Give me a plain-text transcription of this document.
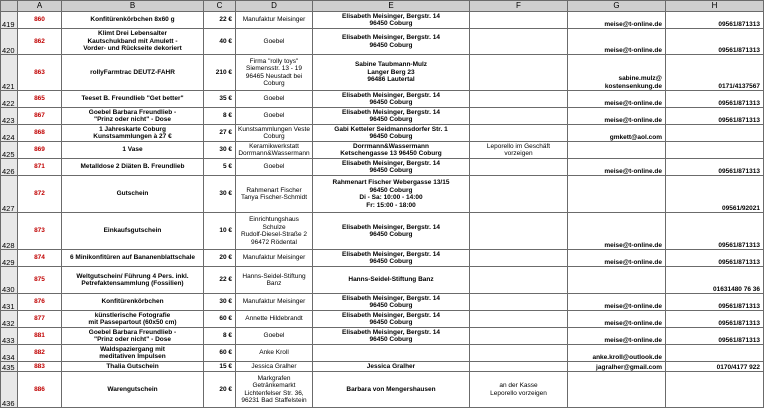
	A	B	C	D	E	F	G	H
419	860	Konfitürenkörbchen 8x60 g	22 €	Manufaktur Meisinger	Elisabeth Meisinger, Bergstr. 14
96450 Coburg		meise@t-online.de	09561/871313
420	862	Klimt Drei Lebensalter
Kautschukband mit Amulett -
Vorder- und Rückseite dekoriert	40 €	Goebel	Elisabeth Meisinger, Bergstr. 14
96450 Coburg		meise@t-online.de	09561/871313
421	863	rollyFarmtrac DEUTZ-FAHR	210 €	Firma "rolly toys"
Siemensstr. 13 - 19
96465 Neustadt bei
Coburg	Sabine Taubmann-Mulz
Langer Berg 23
96486 Lautertal		sabine.mulz@
kostensenkung.de	0171/4137567
422	865	Teeset B. Freundlieb "Get better"	35 €	Goebel	Elisabeth Meisinger, Bergstr. 14
96450 Coburg		meise@t-online.de	09561/871313
423	867	Goebel Barbara Freundlieb -
"Prinz oder nicht" - Dose	8 €	Goebel	Elisabeth Meisinger, Bergstr. 14
96450 Coburg		meise@t-online.de	09561/871313
424	868	1 Jahreskarte Coburg
Kunstsammlungen à 27 €	27 €	Kunstsammlungen Veste
Coburg	Gabi Ketteler Seidmannsdorfer Str. 1
96450 Coburg		gmkett@aol.com	
425	869	1 Vase	30 €	Keramikwerkstatt
Dorrmann&Wassermann	Dorrmann&Wassermann
Ketschengasse 13 96450 Coburg	Leporello im Geschäft
vorzeigen		
426	871	Metalldose 2 Diäten B. Freundlieb	5 €	Goebel	Elisabeth Meisinger, Bergstr. 14
96450 Coburg		meise@t-online.de	09561/871313
427	872	Gutschein	30 €	Rahmenart Fischer
Tanya Fischer-Schmidt	Rahmenart Fischer Webergasse 13/15
96450 Coburg
Di - Sa: 10:00 - 14:00
Fr: 15:00 - 18:00			09561/92021
428	873	Einkaufsgutschein	10 €	Einrichtungshaus Schulze
Rudolf-Diesel-Straße 2
96472 Rödental	Elisabeth Meisinger, Bergstr. 14
96450 Coburg		meise@t-online.de	09561/871313
429	874	6 Minikonfitüren auf Bananenblattschale	20 €	Manufaktur Meisinger	Elisabeth Meisinger, Bergstr. 14
96450 Coburg		meise@t-online.de	09561/871313
430	875	Weltgutschein/ Führung 4 Pers. inkl.
Petrefaktensammlung (Fossilien)	22 €	Hanns-Seidel-Stiftung
Banz	Hanns-Seidel-Stiftung Banz			01631480 76 36
431	876	Konfitürenkörbchen	30 €	Manufaktur Meisinger	Elisabeth Meisinger, Bergstr. 14
96450 Coburg		meise@t-online.de	09561/871313
432	877	künstlerische Fotografie
mit Passepartout (60x50 cm)	60 €	Annette Hildebrandt	Elisabeth Meisinger, Bergstr. 14
96450 Coburg		meise@t-online.de	09561/871313
433	881	Goebel Barbara Freundlieb -
"Prinz oder nicht" - Dose	8 €	Goebel	Elisabeth Meisinger, Bergstr. 14
96450 Coburg		meise@t-online.de	09561/871313
434	882	Waldspaziergang mit
meditativen Impulsen	60 €	Anke Kroll			anke.kroll@outlook.de	
435	883	Thalia Gutschein	15 €	Jessica Gralher	Jessica Gralher		jagralher@gmail.com	0170/4177 922
436	886	Warengutschein	20 €	Markgrafen Getränkemarkt
Lichtenfelser Str. 36,
96231 Bad Staffelstein	Barbara von Mengershausen	an der Kasse
Leporello vorzeigen		
